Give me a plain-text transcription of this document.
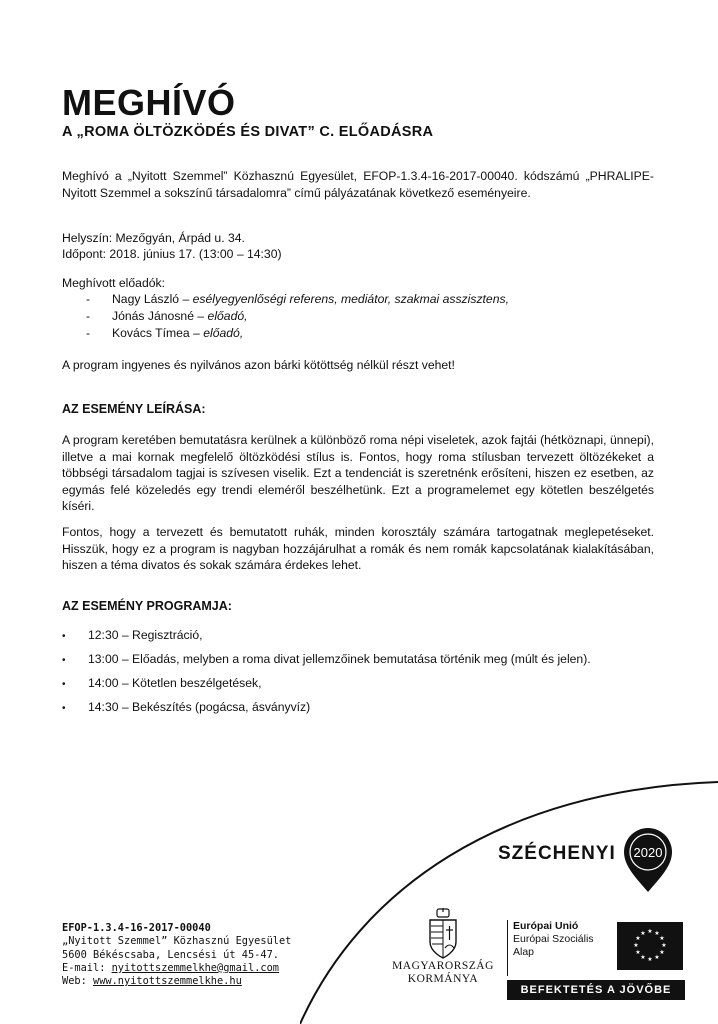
MEGHÍVÓ
A „ROMA ÖLTÖZKÖDÉS ÉS DIVAT” C. ELŐADÁSRA
Meghívó a „Nyitott Szemmel” Közhasznú Egyesület, EFOP-1.3.4-16-2017-00040. kódszámú „PHRALIPE-Nyitott Szemmel a sokszínű társadalomra” című pályázatának következő eseményeire.
Helyszín: Mezőgyán, Árpád u. 34.
Időpont: 2018. június 17. (13:00 – 14:30)
Meghívott előadók:
- Nagy László – esélyegyenlőségi referens, mediátor, szakmai asszisztens,
- Jónás Jánosné – előadó,
- Kovács Tímea – előadó,
A program ingyenes és nyilvános azon bárki kötöttség nélkül részt vehet!
AZ ESEMÉNY LEÍRÁSA:
A program keretében bemutatásra kerülnek a különböző roma népi viseletek, azok fajtái (hétköznapi, ünnepi), illetve a mai kornak megfelelő öltözködési stílus is. Fontos, hogy roma stílusban tervezett öltözékeket a többségi társadalom tagjai is szívesen viselik. Ezt a tendenciát is szeretnénk erősíteni, hiszen ez esetben, az egymás felé közeledés egy trendi eleméről beszélhetünk. Ezt a programelemet egy kötetlen beszélgetés kíséri.
Fontos, hogy a tervezett és bemutatott ruhák, minden korosztály számára tartogatnak meglepetéseket. Hisszük, hogy ez a program is nagyban hozzájárulhat a romák és nem romák kapcsolatának kialakításában, hiszen a téma divatos és sokak számára érdekes lehet.
AZ ESEMÉNY PROGRAMJA:
• 12:30 – Regisztráció,
• 13:00 – Előadás, melyben a roma divat jellemzőinek bemutatása történik meg (múlt és jelen).
• 14:00 – Kötetlen beszélgetések,
• 14:30 – Bekészítés (pogácsa, ásványvíz)
SZÉCHENYI 2020
EFOP-1.3.4-16-2017-00040
„Nyitott Szemmel” Közhasznú Egyesület
5600 Békéscsaba, Lencsési út 45-47.
E-mail: nyitottszemmelkhe@gmail.com
Web: www.nyitottszemmelkhe.hu
MAGYARORSZÁG
KORMÁNYA
Európai Unió
Európai Szociális
Alap
★ ★
★
★
★
★
★
★
★
★
★
★
BEFEKTETÉS A JÖVŐBE
